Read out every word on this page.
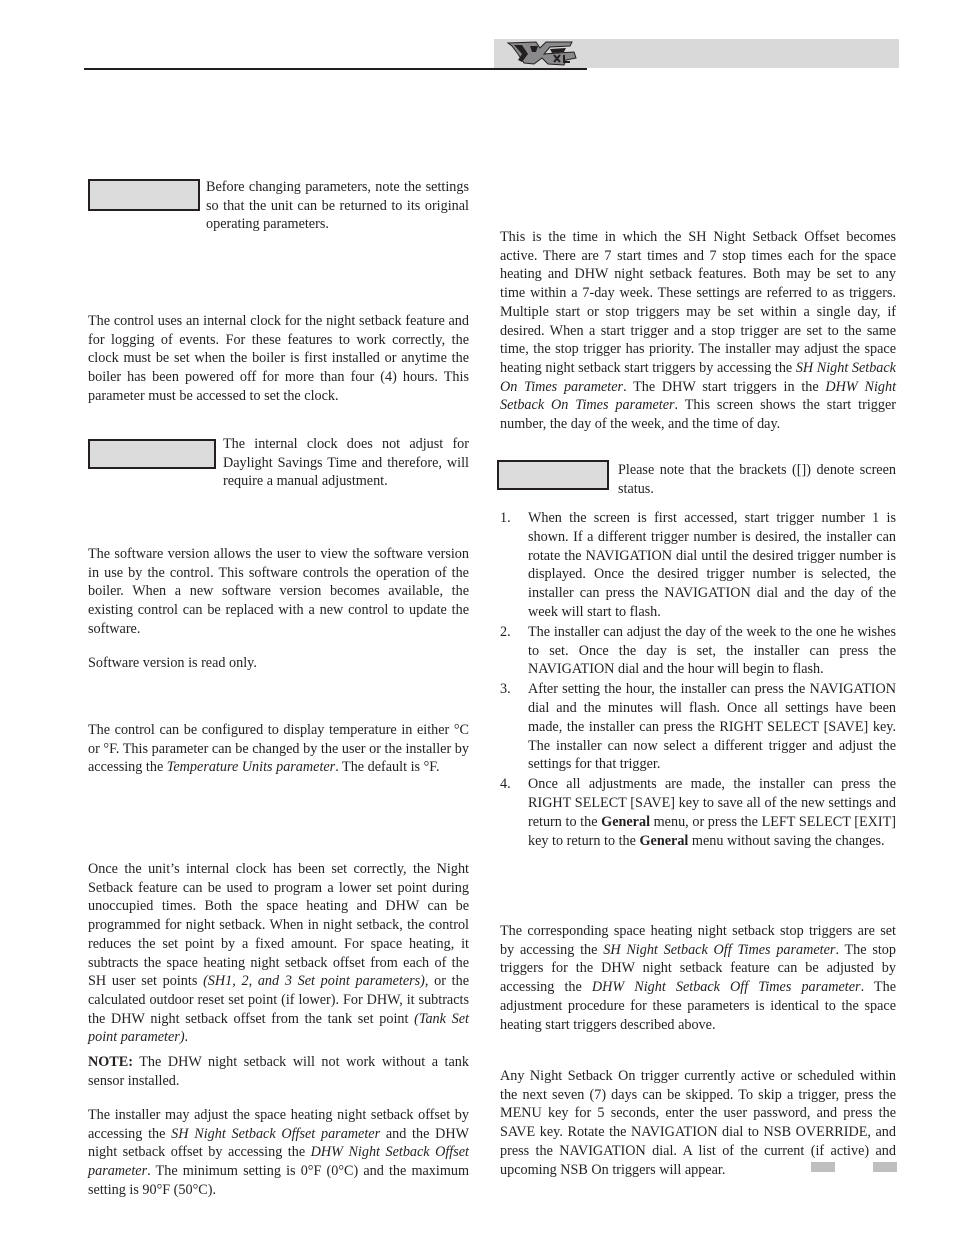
Before changing parameters, note the settings so that the unit can be returned to its original operating parameters.

The control uses an internal clock for the night setback feature and for logging of events. For these features to work correctly, the clock must be set when the boiler is first installed or anytime the boiler has been powered off for more than four (4) hours. This parameter must be accessed to set the clock.

The internal clock does not adjust for Daylight Savings Time and therefore, will require a manual adjustment.

The software version allows the user to view the software version in use by the control. This software controls the operation of the boiler. When a new software version becomes available, the existing control can be replaced with a new control to update the software.

Software version is read only.

The control can be configured to display temperature in either °C or °F. This parameter can be changed by the user or the installer by accessing the Temperature Units parameter. The default is °F.

Once the unit’s internal clock has been set correctly, the Night Setback feature can be used to program a lower set point during unoccupied times. Both the space heating and DHW can be programmed for night setback. When in night setback, the control reduces the set point by a fixed amount. For space heating, it subtracts the space heating night setback offset from each of the SH user set points (SH1, 2, and 3 Set point parameters), or the calculated outdoor reset set point (if lower). For DHW, it subtracts the DHW night setback offset from the tank set point (Tank Set point parameter).

NOTE: The DHW night setback will not work without a tank sensor installed.

The installer may adjust the space heating night setback offset by accessing the SH Night Setback Offset parameter and the DHW night setback offset by accessing the DHW Night Setback Offset parameter. The minimum setting is 0°F (0°C) and the maximum setting is 90°F (50°C).

This is the time in which the SH Night Setback Offset becomes active. There are 7 start times and 7 stop times each for the space heating and DHW night setback features. Both may be set to any time within a 7-day week. These settings are referred to as triggers. Multiple start or stop triggers may be set within a single day, if desired. When a start trigger and a stop trigger are set to the same time, the stop trigger has priority. The installer may adjust the space heating night setback start triggers by accessing the SH Night Setback On Times parameter. The DHW start triggers in the DHW Night Setback On Times parameter. This screen shows the start trigger number, the day of the week, and the time of day.

Please note that the brackets ([]) denote screen status.

1. When the screen is first accessed, start trigger number 1 is shown. If a different trigger number is desired, the installer can rotate the NAVIGATION dial until the desired trigger number is displayed. Once the desired trigger number is selected, the installer can press the NAVIGATION dial and the day of the week will start to flash.
2. The installer can adjust the day of the week to the one he wishes to set. Once the day is set, the installer can press the NAVIGATION dial and the hour will begin to flash.
3. After setting the hour, the installer can press the NAVIGATION dial and the minutes will flash. Once all settings have been made, the installer can press the RIGHT SELECT [SAVE] key. The installer can now select a different trigger and adjust the settings for that trigger.
4. Once all adjustments are made, the installer can press the RIGHT SELECT [SAVE] key to save all of the new settings and return to the General menu, or press the LEFT SELECT [EXIT] key to return to the General menu without saving the changes.

The corresponding space heating night setback stop triggers are set by accessing the SH Night Setback Off Times parameter. The stop triggers for the DHW night setback feature can be adjusted by accessing the DHW Night Setback Off Times parameter. The adjustment procedure for these parameters is identical to the space heating start triggers described above.

Any Night Setback On trigger currently active or scheduled within the next seven (7) days can be skipped. To skip a trigger, press the MENU key for 5 seconds, enter the user password, and press the SAVE key. Rotate the NAVIGATION dial to NSB OVERRIDE, and press the NAVIGATION dial. A list of the current (if active) and upcoming NSB On triggers will appear.
